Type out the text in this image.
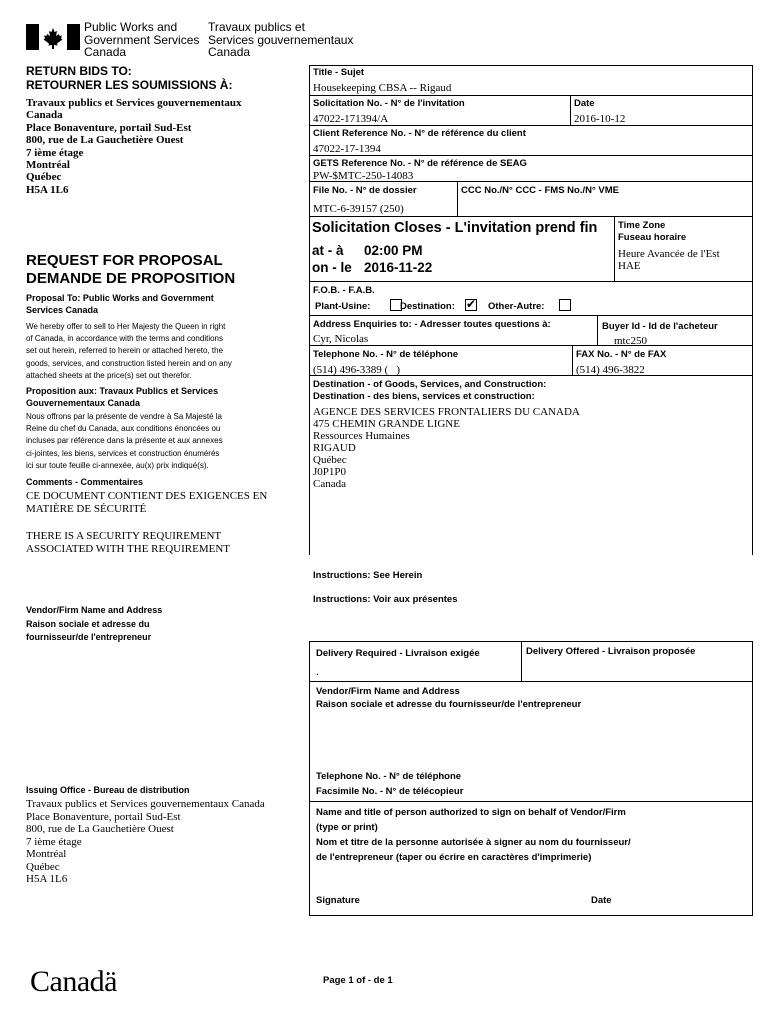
Public Works and
Government Services
Canada
Travaux publics et
Services gouvernementaux
Canada
RETURN BIDS TO:
RETOURNER LES SOUMISSIONS À:
Travaux publics et Services gouvernementaux
Canada
Place Bonaventure, portail Sud-Est
800, rue de La Gauchetière Ouest
7 ième étage
Montréal
Québec
H5A 1L6
REQUEST FOR PROPOSAL
DEMANDE DE PROPOSITION
Proposal To: Public Works and Government
Services Canada
We hereby offer to sell to Her Majesty the Queen in right
of Canada, in accordance with the terms and conditions
set out herein, referred to herein or attached hereto, the
goods, services, and construction listed herein and on any
attached sheets at the price(s) set out therefor.
Proposition aux: Travaux Publics et Services
Gouvernementaux Canada
Nous offrons par la présente de vendre à Sa Majesté la
Reine du chef du Canada, aux conditions énoncées ou
incluses par référence dans la présente et aux annexes
ci-jointes, les biens, services et construction énumérés
ici sur toute feuille ci-annexée, au(x) prix indiqué(s).
Comments - Commentaires
CE DOCUMENT CONTIENT DES EXIGENCES EN
MATIÈRE DE SÉCURITÉ
THERE IS A SECURITY REQUIREMENT
ASSOCIATED WITH THE REQUIREMENT
Vendor/Firm Name and Address
Raison sociale et adresse du
fournisseur/de l'entrepreneur
Issuing Office - Bureau de distribution
Travaux publics et Services gouvernementaux Canada
Place Bonaventure, portail Sud-Est
800, rue de La Gauchetière Ouest
7 ième étage
Montréal
Québec
H5A 1L6
Canadä
Title - Sujet
Housekeeping CBSA -- Rigaud
Solicitation No. - N° de l'invitation
47022-171394/A
Date
2016-10-12
Client Reference No. - N° de référence du client
47022-17-1394
GETS Reference No. - N° de référence de SEAG
PW-$MTC-250-14083
File No. - N° de dossier
MTC-6-39157 (250)
CCC No./N° CCC - FMS No./N° VME
Solicitation Closes - L'invitation prend fin
at - à 02:00 PM
on - le 2016-11-22
Time Zone
Fuseau horaire
Heure Avancée de l'Est
HAE
F.O.B. - F.A.B.
Plant-Usine:	Destination: ✔ Other-Autre:
Address Enquiries to: - Adresser toutes questions à:
Cyr, Nicolas
Buyer Id - Id de l'acheteur
mtc250
Telephone No. - N° de téléphone
(514) 496-3389 (   )
FAX No. - N° de FAX
(514) 496-3822
Destination - of Goods, Services, and Construction:
Destination - des biens, services et construction:
AGENCE DES SERVICES FRONTALIERS DU CANADA
475 CHEMIN GRANDE LIGNE
Ressources Humaines
RIGAUD
Québec
J0P1P0
Canada
Instructions: See Herein
Instructions: Voir aux présentes
Delivery Required - Livraison exigée
.
Delivery Offered - Livraison proposée
Vendor/Firm Name and Address
Raison sociale et adresse du fournisseur/de l'entrepreneur
Telephone No. - N° de téléphone
Facsimile No. - N° de télécopieur
Name and title of person authorized to sign on behalf of Vendor/Firm
(type or print)
Nom et titre de la personne autorisée à signer au nom du fournisseur/
de l'entrepreneur (taper ou écrire en caractères d'imprimerie)
Signature	Date
Page 1 of - de 1
